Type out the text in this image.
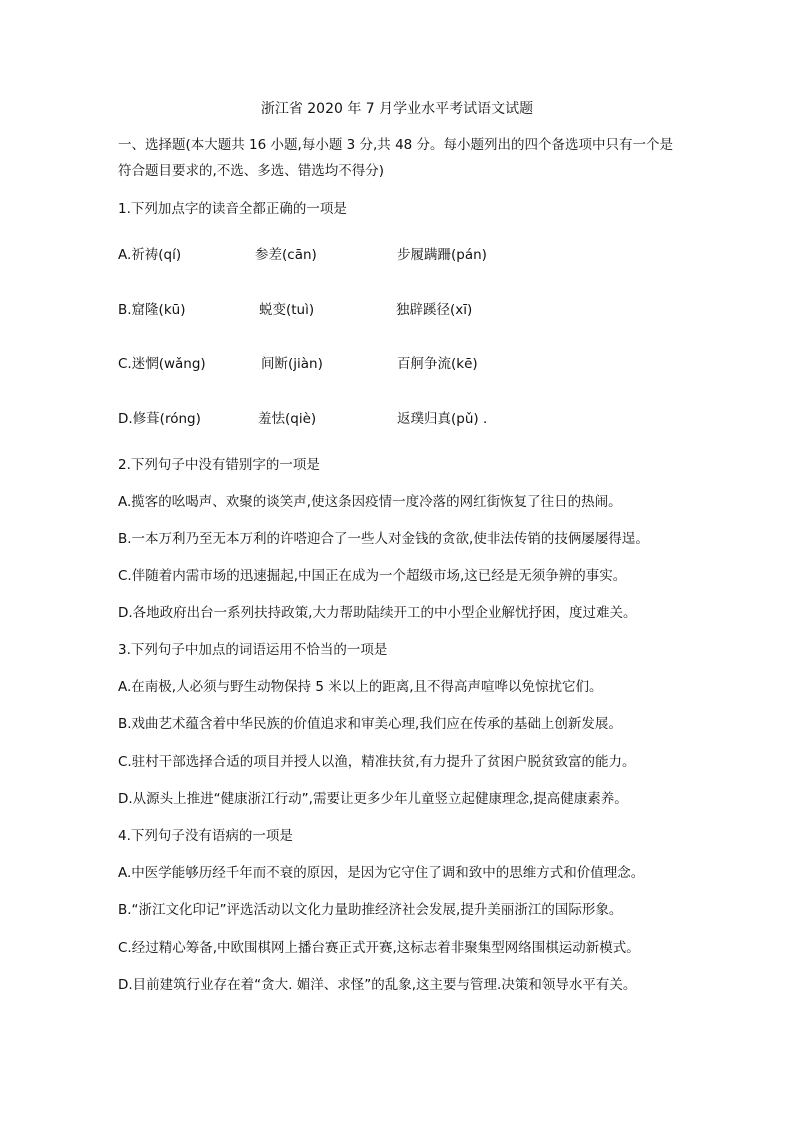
浙江省 2020 年 7 月学业水平考试语文试题
一、选择题(本大题共 16 小题,每小题 3 分,共 48 分。每小题列出的四个备选项中只有一个是
符合题目要求的,不选、多选、错选均不得分)
1.下列加点字的读音全都正确的一项是
A.祈祷(qí)	参差(cān)	步履蹒跚(pán)
B.窟隆(kū)	蜕变(tuì)	独辟蹊径(xī)
C.迷惘(wǎng)	间断(jiàn)	百舸争流(kē)
D.修葺(róng)	羞怯(qiè)	返璞归真(pǔ) .
2.下列句子中没有错别字的一项是
A.揽客的吆喝声、欢聚的谈笑声,使这条因疫情一度冷落的网红街恢复了往日的热闹。
B.一本万利乃至无本万利的许嗒迎合了一些人对金钱的贪欲,使非法传销的技俩屡屡得逞。
C.伴随着内需市场的迅速掘起,中国正在成为一个超级市场,这已经是无须争辨的事实。
D.各地政府出台一系列扶持政策,大力帮助陆续开工的中小型企业解忧抒困，度过难关。
3.下列句子中加点的词语运用不恰当的一项是
A.在南极,人必须与野生动物保持 5 米以上的距离,且不得高声喧哗以免惊扰它们。
B.戏曲艺术蕴含着中华民族的价值追求和审美心理,我们应在传承的基础上创新发展。
C.驻村干部选择合适的项目并授人以渔，精准扶贫,有力提升了贫困户脱贫致富的能力。
D.从源头上推进“健康浙江行动”,需要让更多少年儿童竖立起健康理念,提高健康素养。
4.下列句子没有语病的一项是
A.中医学能够历经千年而不衰的原因，是因为它守住了调和致中的思维方式和价值理念。
B.“浙江文化印记”评选活动以文化力量助推经济社会发展,提升美丽浙江的国际形象。
C.经过精心筹备,中欧围棋网上播台赛正式开赛,这标志着非聚集型网络围棋运动新模式。
D.目前建筑行业存在着“贪大. 媚洋、求怪”的乱象,这主要与管理.决策和领导水平有关。
